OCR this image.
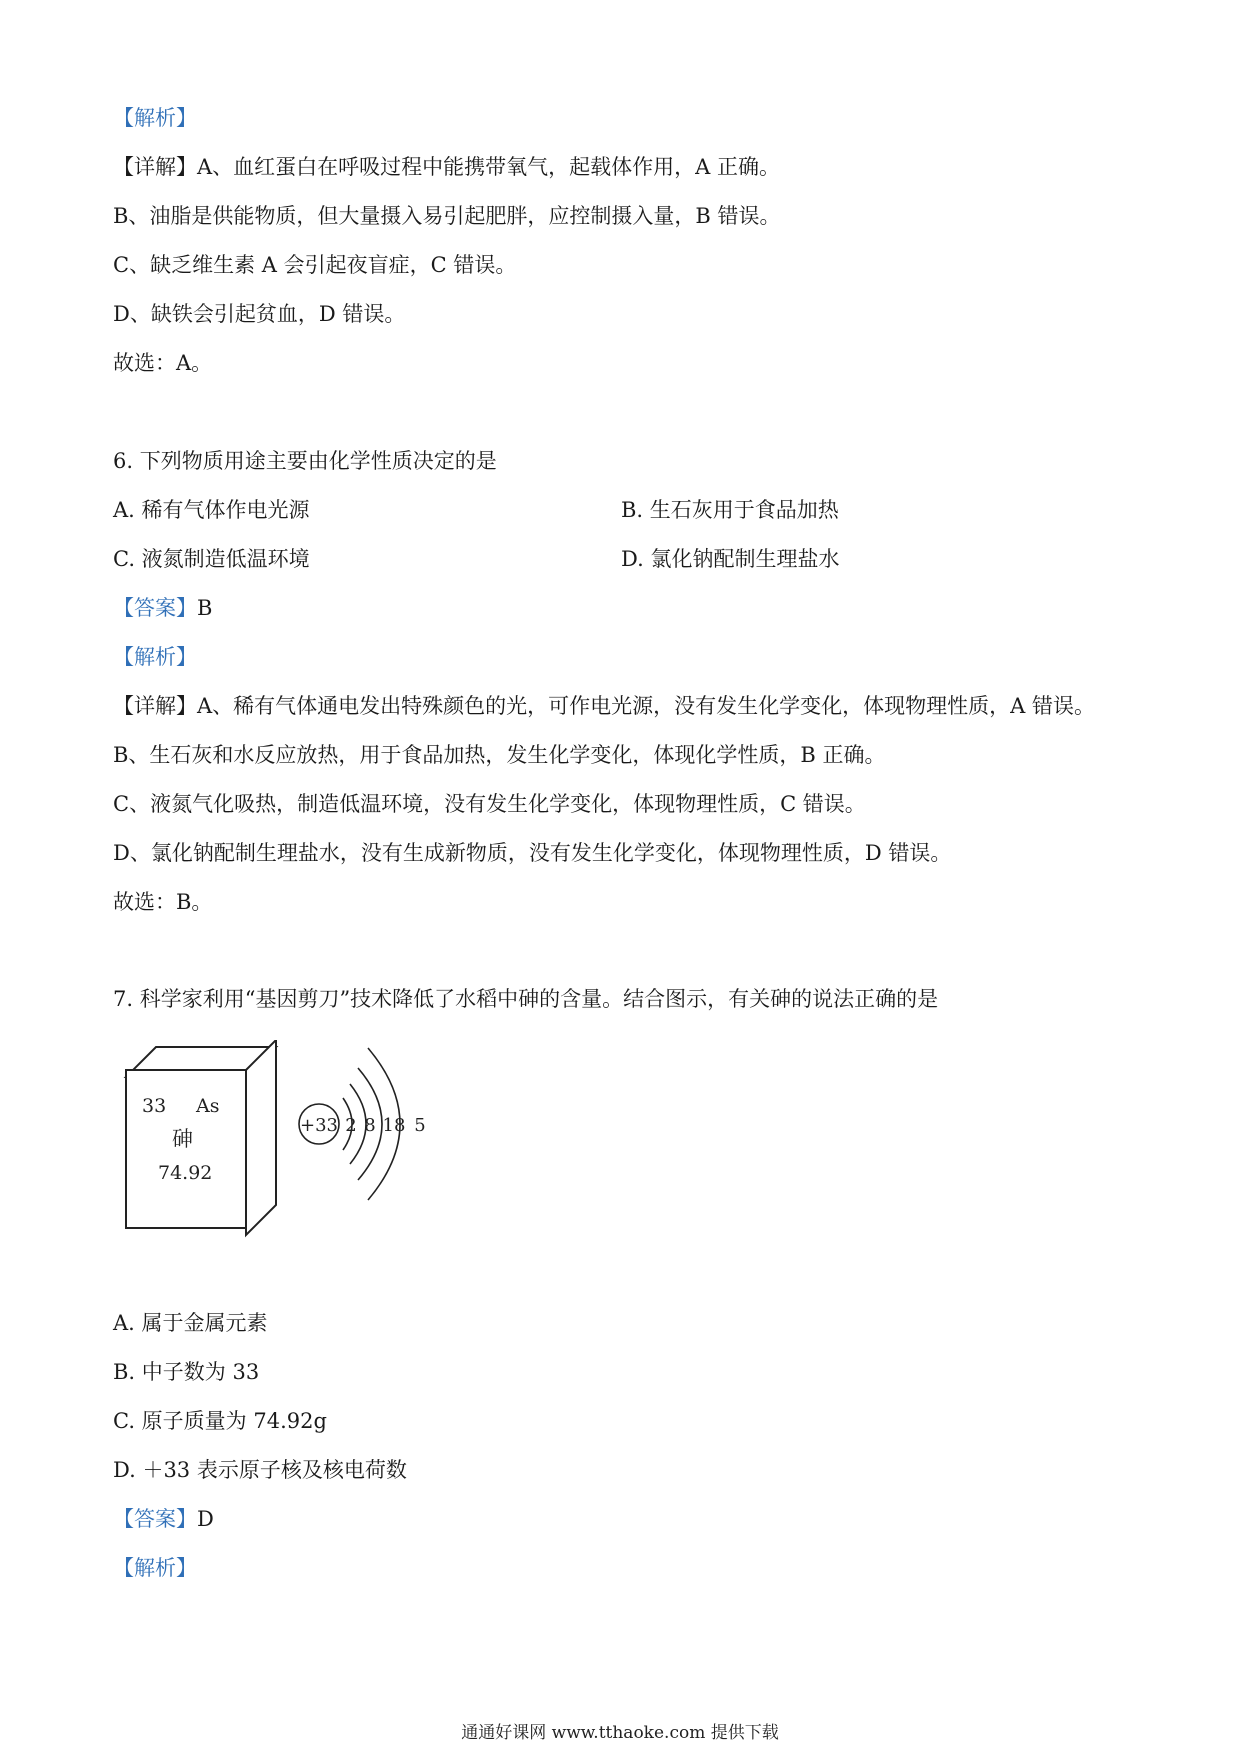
【解析】
【详解】A、血红蛋白在呼吸过程中能携带氧气，起载体作用，A 正确。
B、油脂是供能物质，但大量摄入易引起肥胖，应控制摄入量，B 错误。
C、缺乏维生素 A 会引起夜盲症，C 错误。
D、缺铁会引起贫血，D 错误。
故选：A。
6. 下列物质用途主要由化学性质决定的是
A. 稀有气体作电光源	B. 生石灰用于食品加热
C. 液氮制造低温环境	D. 氯化钠配制生理盐水
【答案】B
【解析】
【详解】A、稀有气体通电发出特殊颜色的光，可作电光源，没有发生化学变化，体现物理性质，A 错误。
B、生石灰和水反应放热，用于食品加热，发生化学变化，体现化学性质，B 正确。
C、液氮气化吸热，制造低温环境，没有发生化学变化，体现物理性质，C 错误。
D、氯化钠配制生理盐水，没有生成新物质，没有发生化学变化，体现物理性质，D 错误。
故选：B。
7. 科学家利用“基因剪刀”技术降低了水稻中砷的含量。结合图示，有关砷的说法正确的是
33 As
砷
74.92
+33 2 8 18 5
A. 属于金属元素
B. 中子数为 33
C. 原子质量为 74.92g
D. ＋33 表示原子核及核电荷数
【答案】D
【解析】
通通好课网 www.tthaoke.com 提供下载
